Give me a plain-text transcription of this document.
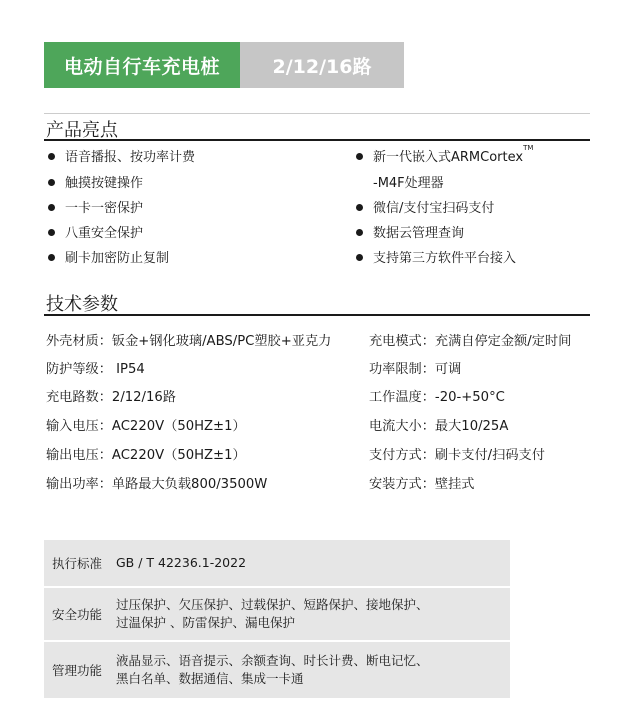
电动自行车充电桩	2/12/16路
产品亮点
语音播报、按功率计费
触摸按键操作
一卡一密保护
八重安全保护
刷卡加密防止复制
新一代嵌入式ARMCortex™
-M4F处理器
微信/支付宝扫码支付
数据云管理查询
支持第三方软件平台接入
技术参数
外壳材质：钣金+钢化玻璃/ABS/PC塑胶+亚克力
防护等级： IP54
充电路数：2/12/16路
输入电压：AC220V（50HZ±1）
输出电压：AC220V（50HZ±1）
输出功率：单路最大负载800/3500W
充电模式：充满自停定金额/定时间
功率限制：可调
工作温度：-20-+50°C
电流大小：最大10/25A
支付方式：刷卡支付/扫码支付
安装方式：壁挂式
执行标准	GB / T 42236.1-2022
安全功能
过压保护、欠压保护、过载保护、短路保护、接地保护、
过温保护 、防雷保护、漏电保护
管理功能
液晶显示、语音提示、余额查询、时长计费、断电记忆、
黑白名单、数据通信、集成一卡通
